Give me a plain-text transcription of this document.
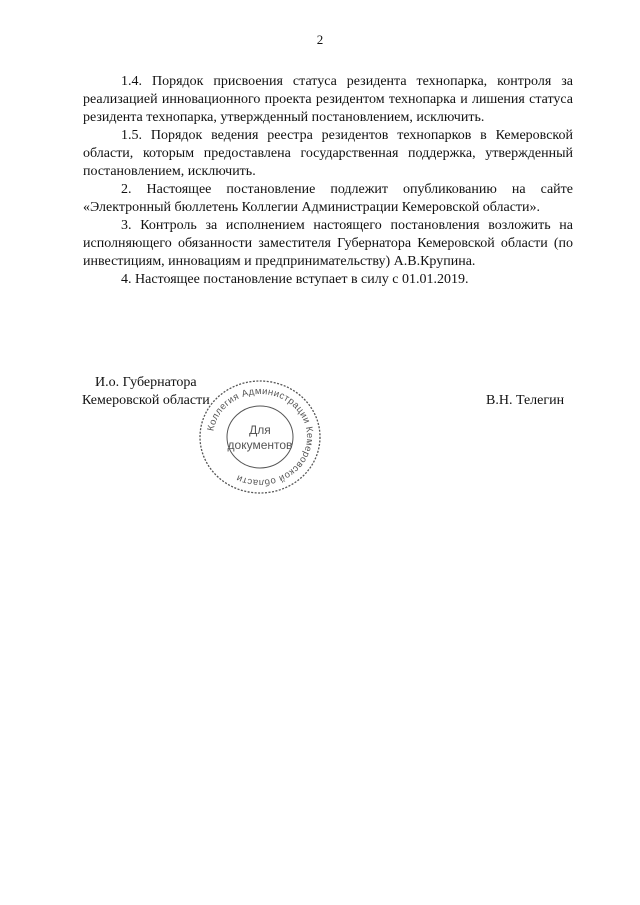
2

1.4. Порядок присвоения статуса резидента технопарка, контроля за реализацией инновационного проекта резидентом технопарка и лишения статуса резидента технопарка, утвержденный постановлением, исключить.

1.5. Порядок ведения реестра резидентов технопарков в Кемеровской области, которым предоставлена государственная поддержка, утвержденный постановлением, исключить.

2. Настоящее постановление подлежит опубликованию на сайте «Электронный бюллетень Коллегии Администрации Кемеровской области».

3. Контроль за исполнением настоящего постановления возложить на исполняющего обязанности заместителя Губернатора Кемеровской области (по инвестициям, инновациям и предпринимательству) А.В.Крупина.

4. Настоящее постановление вступает в силу с 01.01.2019.

И.о. Губернатора
Кемеровской области	В.Н. Телегин
Коллегия Администрации Кемеровской области
Для
документов
